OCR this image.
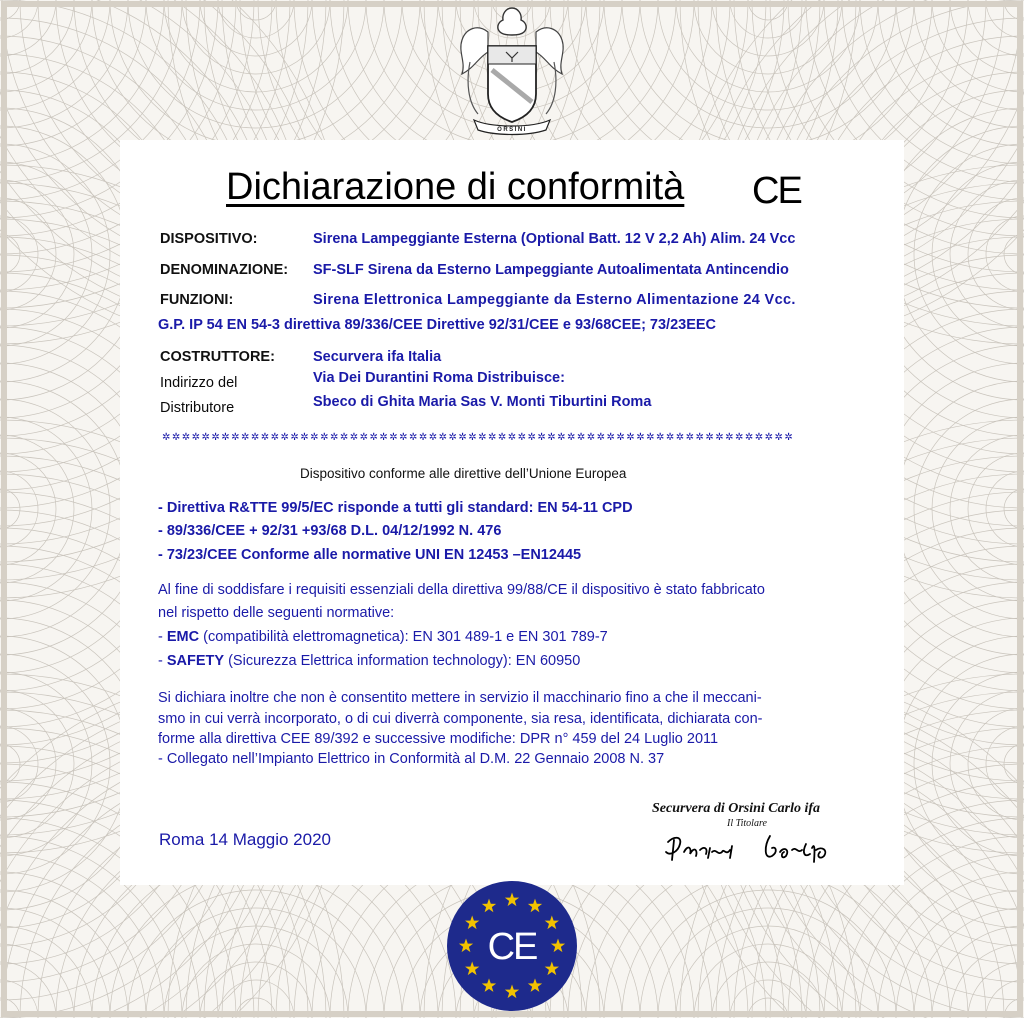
ORSINI
Dichiarazione di conformità CE
DISPOSITIVO:	Sirena Lampeggiante Esterna (Optional Batt. 12 V 2,2 Ah) Alim. 24 Vcc
DENOMINAZIONE: SF-SLF Sirena da Esterno Lampeggiante Autoalimentata Antincendio
FUNZIONI:	Sirena Elettronica Lampeggiante da Esterno Alimentazione 24 Vcc.
G.P. IP 54 EN 54-3 direttiva 89/336/CEE Direttive 92/31/CEE e 93/68CEE; 73/23EEC
COSTRUTTORE:	Securvera ifa Italia
Indirizzo del	Via Dei Durantini Roma Distribuisce:
Distributore	Sbeco di Ghita Maria Sas V. Monti Tiburtini Roma
✲✲✲✲✲✲✲✲✲✲✲✲✲✲✲✲✲✲✲✲✲✲✲✲✲✲✲✲✲✲✲✲✲✲✲✲✲✲✲✲✲✲✲✲✲✲✲✲✲✲✲✲✲✲✲✲✲✲✲✲✲✲✲✲
Dispositivo conforme alle direttive dell’Unione Europea
- Direttiva R&TTE 99/5/EC risponde a tutti gli standard: EN 54-11 CPD
- 89/336/CEE + 92/31 +93/68 D.L. 04/12/1992 N. 476
- 73/23/CEE Conforme alle normative UNI EN 12453 –EN12445
Al fine di soddisfare i requisiti essenziali della direttiva 99/88/CE il dispositivo è stato fabbricato
nel rispetto delle seguenti normative:
- EMC (compatibilità elettromagnetica): EN 301 489-1 e EN 301 789-7
- SAFETY (Sicurezza Elettrica information technology): EN 60950
Si dichiara inoltre che non è consentito mettere in servizio il macchinario fino a che il meccani-
smo in cui verrà incorporato, o di cui diverrà componente, sia resa, identificata, dichiarata con-
forme alla direttiva CEE 89/392 e successive modifiche: DPR n° 459 del 24 Luglio 2011
- Collegato nell’Impianto Elettrico in Conformità al D.M. 22 Gennaio 2008 N. 37
Roma 14 Maggio 2020
Securvera di Orsini Carlo ifa
Il Titolare
CE
